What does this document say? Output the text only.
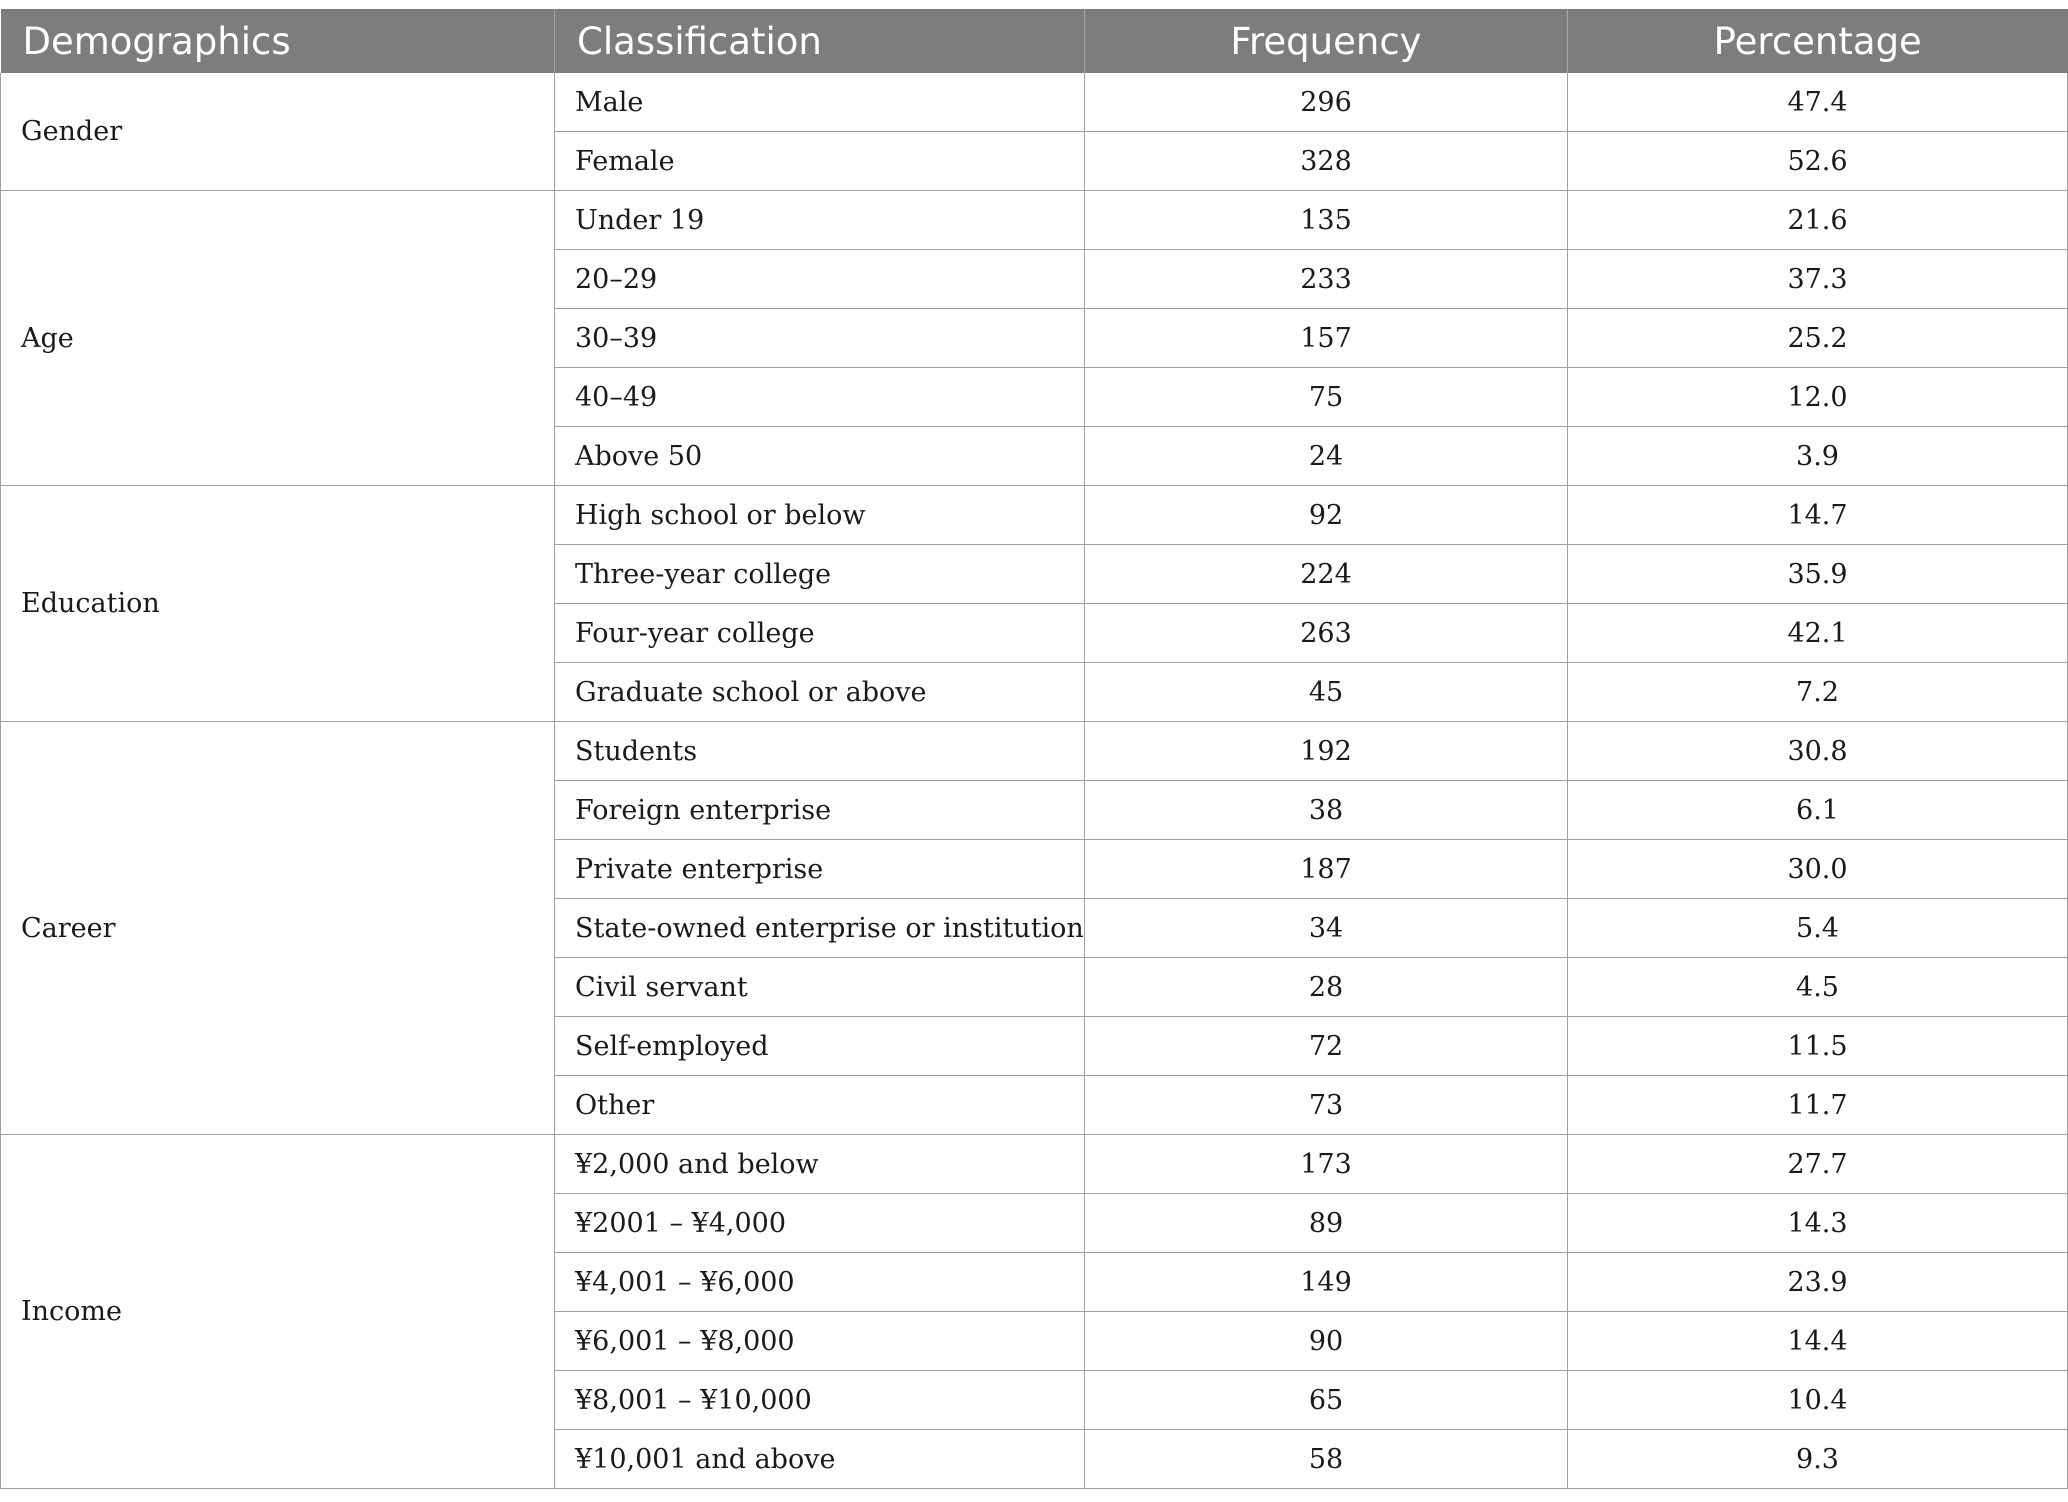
Demographics	Classification	Frequency	Percentage
Gender	Male	296	47.4
	Female	328	52.6
Age	Under 19	135	21.6
	20–29	233	37.3
	30–39	157	25.2
	40–49	75	12.0
	Above 50	24	3.9
Education	High school or below	92	14.7
	Three-year college	224	35.9
	Four-year college	263	42.1
	Graduate school or above	45	7.2
Career	Students	192	30.8
	Foreign enterprise	38	6.1
	Private enterprise	187	30.0
	State-owned enterprise or institution	34	5.4
	Civil servant	28	4.5
	Self-employed	72	11.5
	Other	73	11.7
Income	¥2,000 and below	173	27.7
	¥2001 – ¥4,000	89	14.3
	¥4,001 – ¥6,000	149	23.9
	¥6,001 – ¥8,000	90	14.4
	¥8,001 – ¥10,000	65	10.4
	¥10,001 and above	58	9.3
